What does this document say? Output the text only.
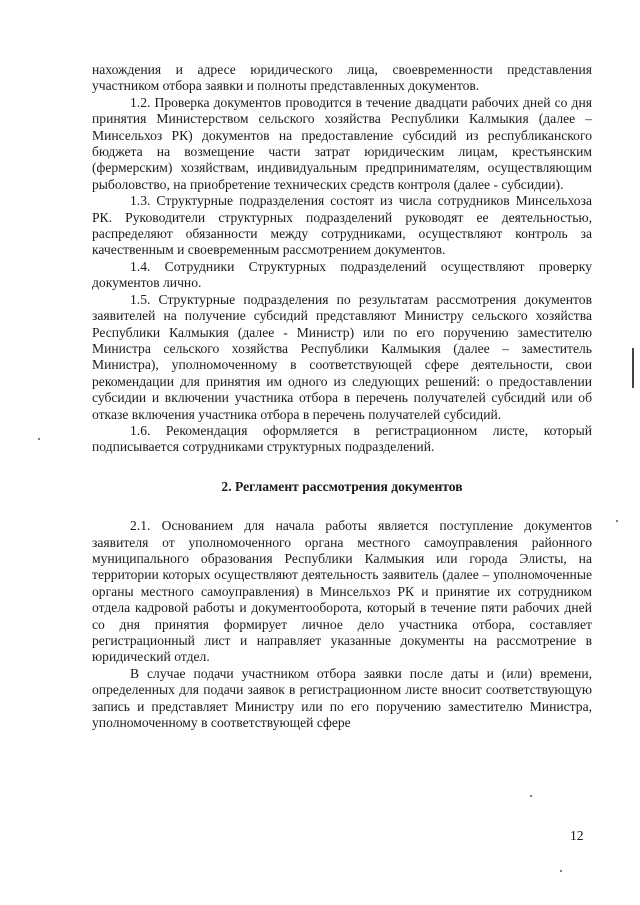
нахождения и адресе юридического лица, своевременности представления участником отбора заявки и полноты представленных документов.

1.2. Проверка документов проводится в течение двадцати рабочих дней со дня принятия Министерством сельского хозяйства Республики Калмыкия (далее – Минсельхоз РК) документов на предоставление субсидий из республиканского бюджета на возмещение части затрат юридическим лицам, крестьянским (фермерским) хозяйствам, индивидуальным предпринимателям, осуществляющим рыболовство, на приобретение технических средств контроля (далее - субсидии).

1.3. Структурные подразделения состоят из числа сотрудников Минсельхоза РК. Руководители структурных подразделений руководят ее деятельностью, распределяют обязанности между сотрудниками, осуществляют контроль за качественным и своевременным рассмотрением документов.

1.4. Сотрудники Структурных подразделений осуществляют проверку документов лично.

1.5. Структурные подразделения по результатам рассмотрения документов заявителей на получение субсидий представляют Министру сельского хозяйства Республики Калмыкия (далее - Министр) или по его поручению заместителю Министра сельского хозяйства Республики Калмыкия (далее – заместитель Министра), уполномоченному в соответствующей сфере деятельности, свои рекомендации для принятия им одного из следующих решений: о предоставлении субсидии и включении участника отбора в перечень получателей субсидий или об отказе включения участника отбора в перечень получателей субсидий.

1.6. Рекомендация оформляется в регистрационном листе, который подписывается сотрудниками структурных подразделений.

2. Регламент рассмотрения документов

2.1. Основанием для начала работы является поступление документов заявителя от уполномоченного органа местного самоуправления районного муниципального образования Республики Калмыкия или города Элисты, на территории которых осуществляют деятельность заявитель (далее – уполномоченные органы местного самоуправления) в Минсельхоз РК и принятие их сотрудником отдела кадровой работы и документооборота, который в течение пяти рабочих дней со дня принятия формирует личное дело участника отбора, составляет регистрационный лист и направляет указанные документы на рассмотрение в юридический отдел.

В случае подачи участником отбора заявки после даты и (или) времени, определенных для подачи заявок в регистрационном листе вносит соответствующую запись и представляет Министру или по его поручению заместителю Министра, уполномоченному в соответствующей сфере

12
